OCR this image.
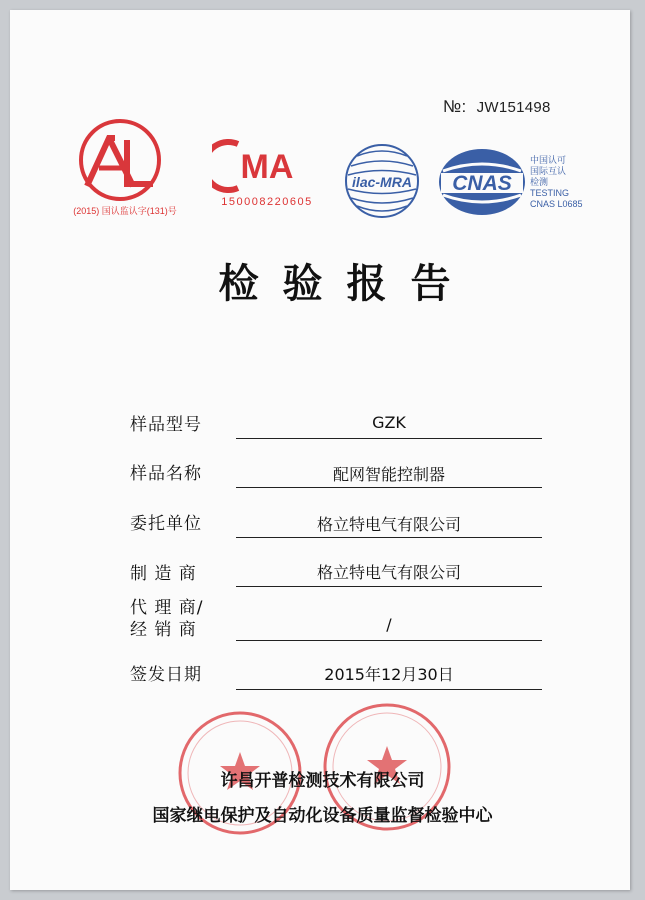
№: JW151498
(2015) 国认监认字(131)号
MA
150008220605
ilac-MRA CNAS
中国认可
国际互认
检测
TESTING
CNAS L0685
检验报告
样品型号	GZK
样品名称	配网智能控制器
委托单位	格立特电气有限公司
制 造 商	格立特电气有限公司
代 理 商/
经 销 商	/
签发日期	2015年12月30日
许昌开普检测技术有限公司
国家继电保护及自动化设备质量监督检验中心
